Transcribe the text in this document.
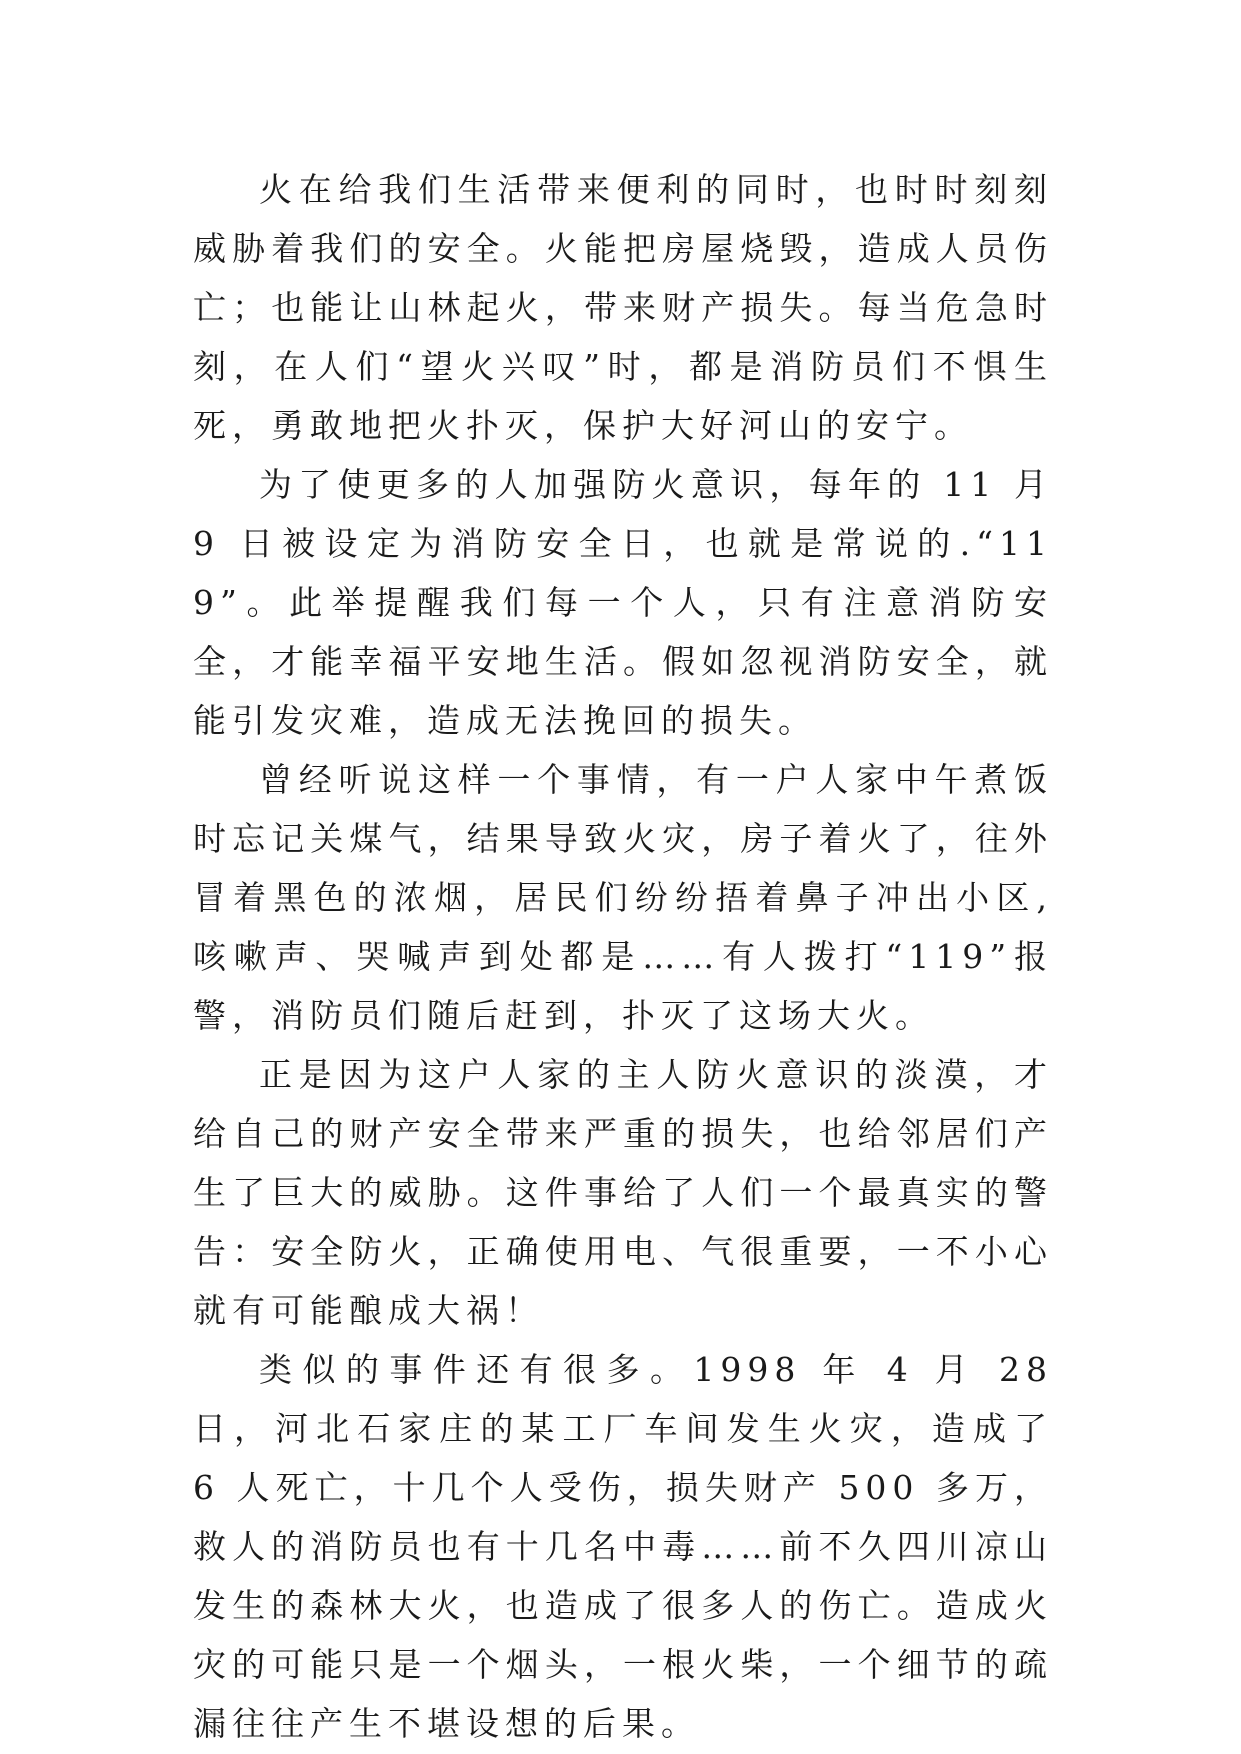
火在给我们生活带来便利的同时，也时时刻刻威胁着我们的安全。火能把房屋烧毁，造成人员伤亡；也能让山林起火，带来财产损失。每当危急时刻，在人们“望火兴叹”时，都是消防员们不惧生死，勇敢地把火扑灭，保护大好河山的安宁。

为了使更多的人加强防火意识，每年的 11 月 9 日被设定为消防安全日，也就是常说的.“119”。此举提醒我们每一个人，只有注意消防安全，才能幸福平安地生活。假如忽视消防安全，就能引发灾难，造成无法挽回的损失。

曾经听说这样一个事情，有一户人家中午煮饭时忘记关煤气，结果导致火灾，房子着火了，往外冒着黑色的浓烟，居民们纷纷捂着鼻子冲出小区,咳嗽声、哭喊声到处都是……有人拨打“119”报警，消防员们随后赶到，扑灭了这场大火。

正是因为这户人家的主人防火意识的淡漠，才给自己的财产安全带来严重的损失，也给邻居们产生了巨大的威胁。这件事给了人们一个最真实的警告：安全防火，正确使用电、气很重要，一不小心就有可能酿成大祸！

类似的事件还有很多。1998 年 4 月 28 日，河北石家庄的某工厂车间发生火灾，造成了 6 人死亡，十几个人受伤，损失财产 500 多万，救人的消防员也有十几名中毒……前不久四川凉山发生的森林大火，也造成了很多人的伤亡。造成火灾的可能只是一个烟头，一根火柴，一个细节的疏漏往往产生不堪设想的后果。
